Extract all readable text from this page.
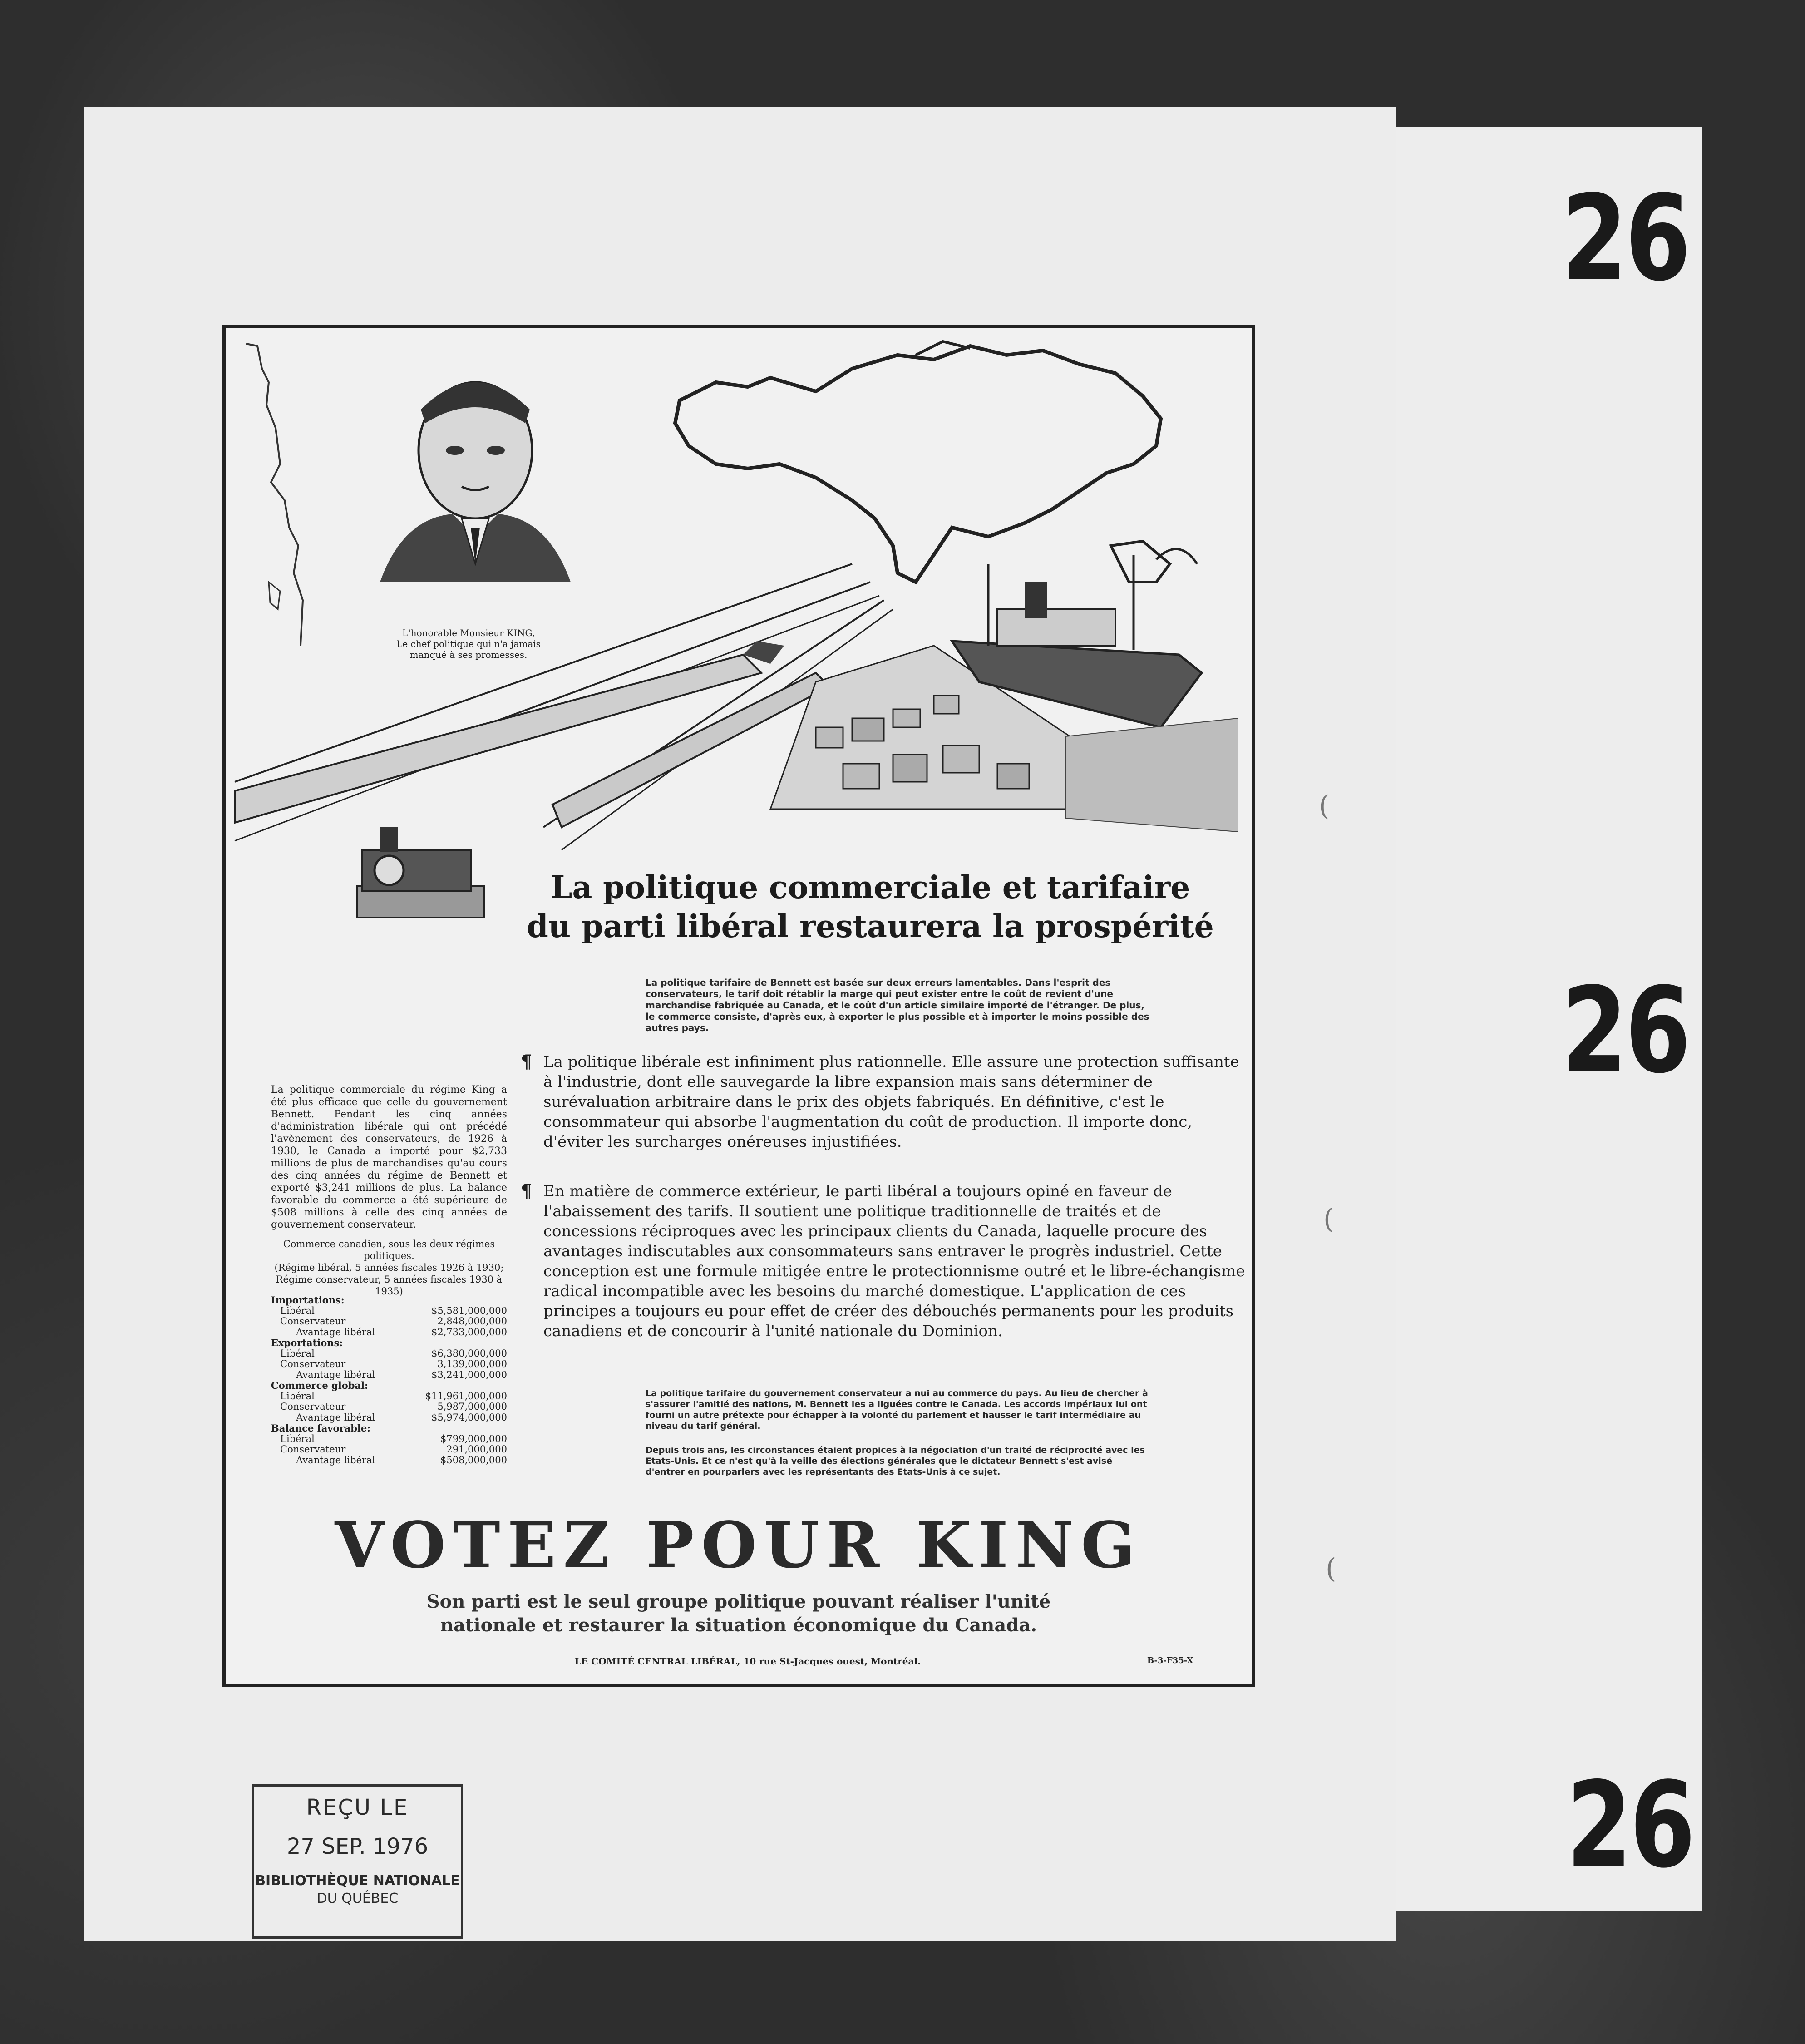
26
26
26
(
(
(
L'honorable Monsieur KING,
Le chef politique qui n'a jamais
manqué à ses promesses.
La politique commerciale et tarifaire
du parti libéral restaurera la prospérité
La politique tarifaire de Bennett est basée sur deux erreurs lamentables. Dans l'esprit des conservateurs, le tarif doit rétablir la marge qui peut exister entre le coût de revient d'une marchandise fabriquée au Canada, et le coût d'un article similaire importé de l'étranger. De plus, le commerce consiste, d'après eux, à exporter le plus possible et à importer le moins possible des autres pays.
¶ La politique libérale est infiniment plus rationnelle. Elle assure une protection suffisante à l'industrie, dont elle sauvegarde la libre expansion mais sans déterminer de surévaluation arbitraire dans le prix des objets fabriqués. En définitive, c'est le consommateur qui absorbe l'augmentation du coût de production. Il importe donc, d'éviter les surcharges onéreuses injustifiées.
¶ En matière de commerce extérieur, le parti libéral a toujours opiné en faveur de l'abaissement des tarifs. Il soutient une politique traditionnelle de traités et de concessions réciproques avec les principaux clients du Canada, laquelle procure des avantages indiscutables aux consommateurs sans entraver le progrès industriel. Cette conception est une formule mitigée entre le protectionnisme outré et le libre-échangisme radical incompatible avec les besoins du marché domestique. L'application de ces principes a toujours eu pour effet de créer des débouchés permanents pour les produits canadiens et de concourir à l'unité nationale du Dominion.
La politique commerciale du régime King a été plus efficace que celle du gouvernement Bennett. Pendant les cinq années d'administration libérale qui ont précédé l'avènement des conservateurs, de 1926 à 1930, le Canada a importé pour $2,733 millions de plus de marchandises qu'au cours des cinq années du régime de Bennett et exporté $3,241 millions de plus. La balance favorable du commerce a été supérieure de $508 millions à celle des cinq années de gouvernement conservateur.
Commerce canadien, sous les deux régimes politiques.
(Régime libéral, 5 années fiscales 1926 à 1930;
Régime conservateur, 5 années fiscales 1930 à 1935)
Importations:
Libéral	$5,581,000,000
Conservateur	2,848,000,000
Avantage libéral	$2,733,000,000
Exportations:
Libéral	$6,380,000,000
Conservateur	3,139,000,000
Avantage libéral	$3,241,000,000
Commerce global:
Libéral	$11,961,000,000
Conservateur	5,987,000,000
Avantage libéral	$5,974,000,000
Balance favorable:
Libéral	$799,000,000
Conservateur	291,000,000
Avantage libéral	$508,000,000
La politique tarifaire du gouvernement conservateur a nui au commerce du pays. Au lieu de chercher à s'assurer l'amitié des nations, M. Bennett les a liguées contre le Canada. Les accords impériaux lui ont fourni un autre prétexte pour échapper à la volonté du parlement et hausser le tarif intermédiaire au niveau du tarif général.
Depuis trois ans, les circonstances étaient propices à la négociation d'un traité de réciprocité avec les Etats-Unis. Et ce n'est qu'à la veille des élections générales que le dictateur Bennett s'est avisé d'entrer en pourparlers avec les représentants des Etats-Unis à ce sujet.
VOTEZ POUR KING
Son parti est le seul groupe politique pouvant réaliser l'unité
nationale et restaurer la situation économique du Canada.
LE COMITÉ CENTRAL LIBÉRAL, 10 rue St-Jacques ouest, Montréal.	B-3-F35-X
REÇU LE
27 SEP. 1976
BIBLIOTHÈQUE NATIONALE
DU QUÉBEC
